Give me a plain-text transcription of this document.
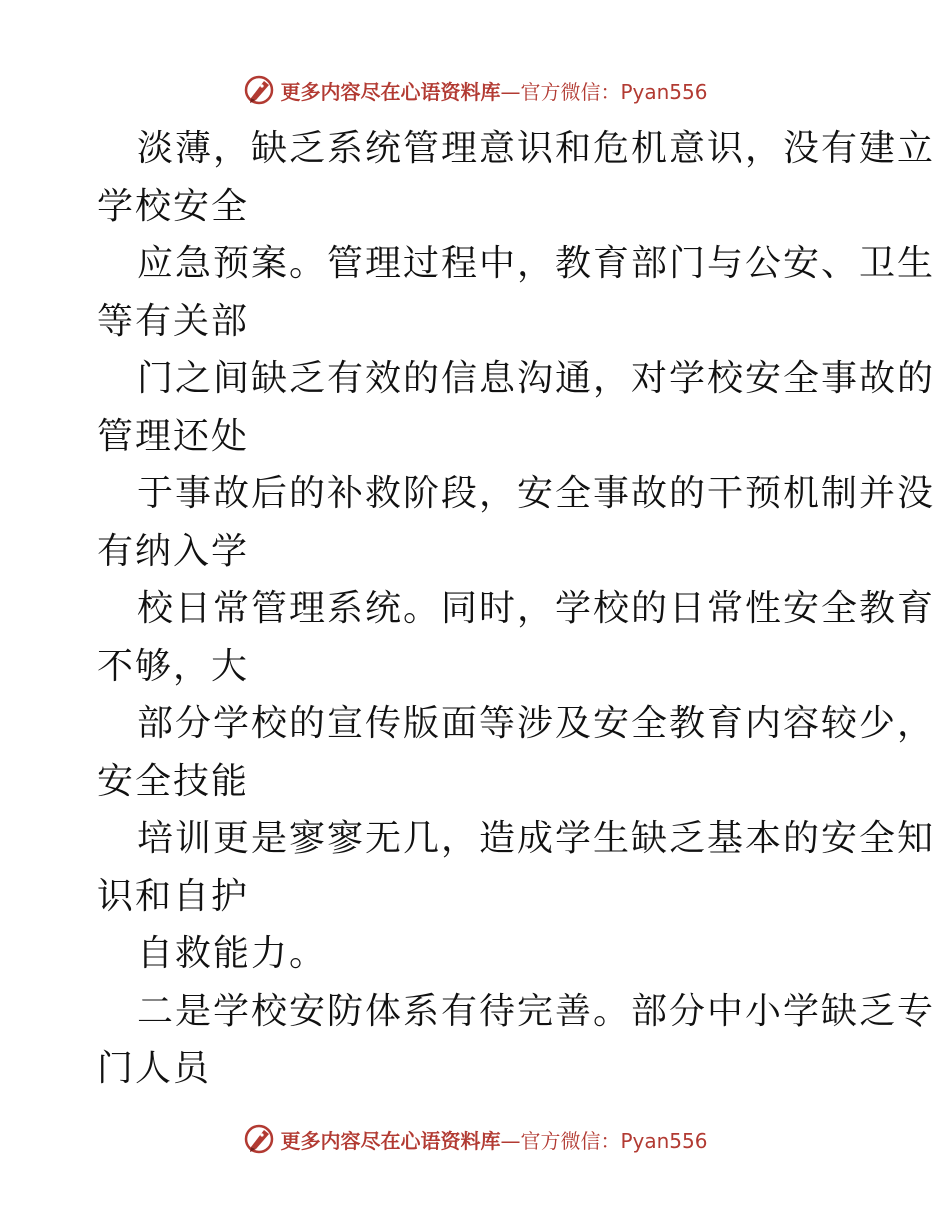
更多内容尽在心语资料库—官方微信：Pyan556
淡薄，缺乏系统管理意识和危机意识，没有建立
学校安全
应急预案。管理过程中，教育部门与公安、卫生
等有关部
门之间缺乏有效的信息沟通，对学校安全事故的
管理还处
于事故后的补救阶段，安全事故的干预机制并没
有纳入学
校日常管理系统。同时，学校的日常性安全教育
不够，大
部分学校的宣传版面等涉及安全教育内容较少，
安全技能
培训更是寥寥无几，造成学生缺乏基本的安全知
识和自护
自救能力。
二是学校安防体系有待完善。部分中小学缺乏专
门人员
更多内容尽在心语资料库—官方微信：Pyan556
